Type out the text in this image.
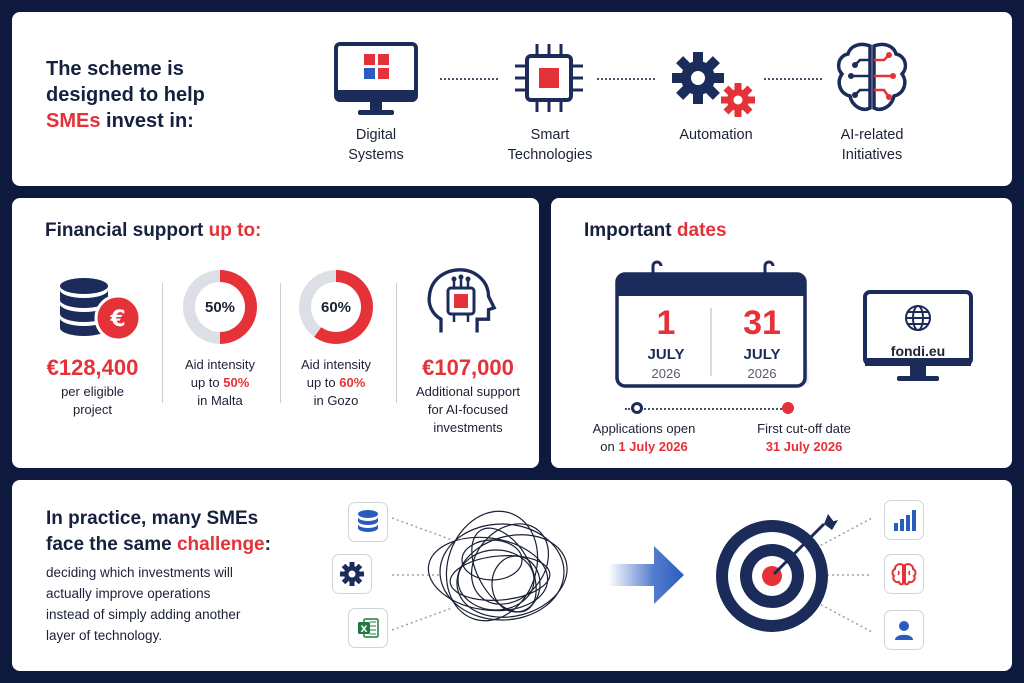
The scheme is
designed to help
SMEs invest in:
Digital
Systems
Smart
Technologies
Automation	AI-related
Initiatives
Financial support up to:
€
€128,400
per eligible
project
50%
Aid intensity
up to 50%
in Malta
60%
Aid intensity
up to 60%
in Gozo
€107,000
Additional support
for AI-focused
investments
Important dates
1
JULY
2026
31
JULY
2026
fondi.eu
Applications open
on 1 July 2026
First cut-off date
31 July 2026
In practice, many SMEs
face the same challenge:
deciding which investments will
actually improve operations
instead of simply adding another
layer of technology.	X
